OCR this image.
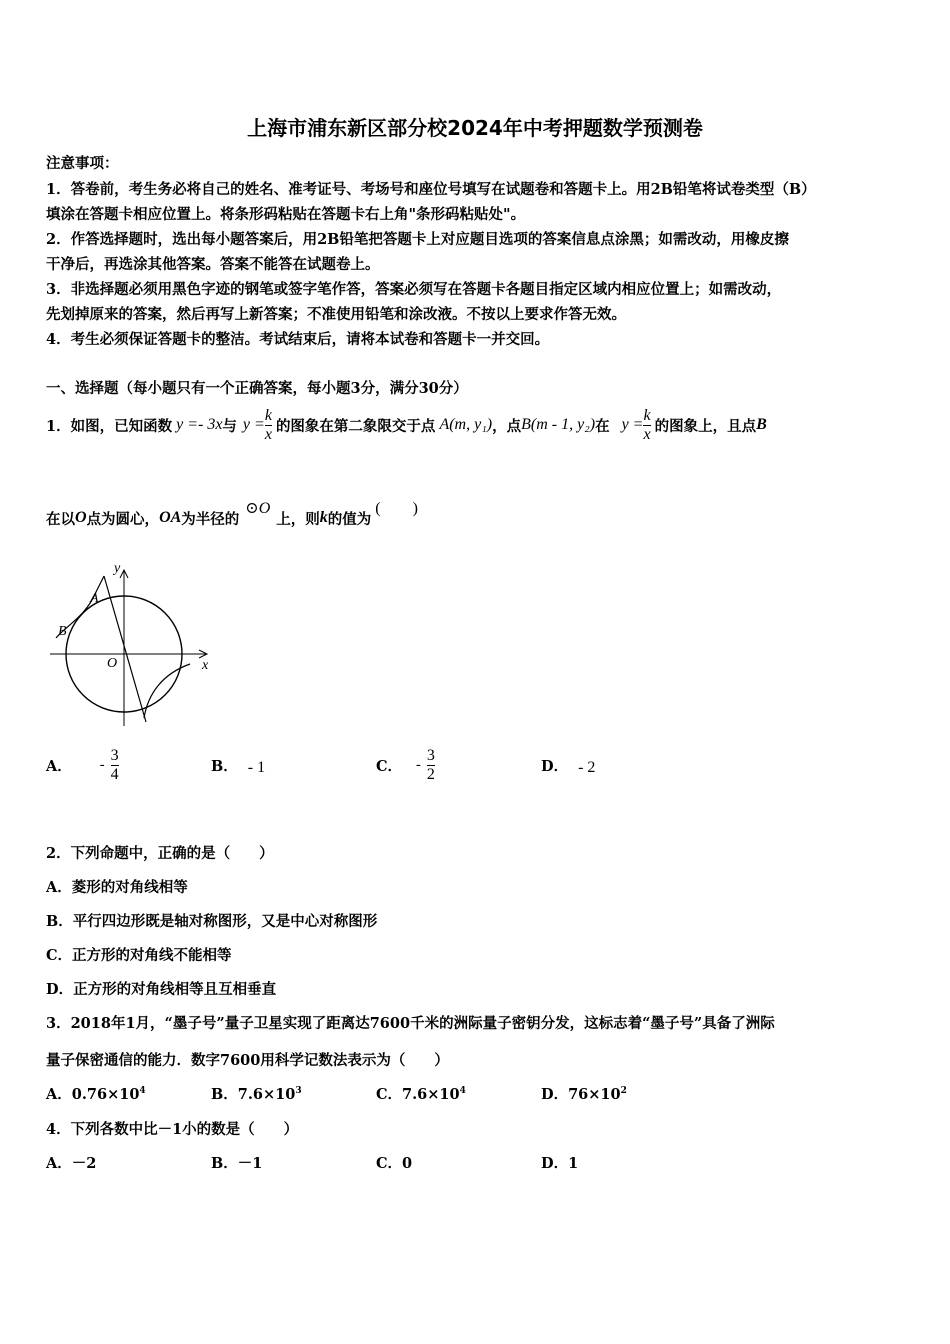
上海市浦东新区部分校2024年中考押题数学预测卷
注意事项：
1．答卷前，考生务必将自己的姓名、准考证号、考场号和座位号填写在试题卷和答题卡上。用2B铅笔将试卷类型（B）
填涂在答题卡相应位置上。将条形码粘贴在答题卡右上角"条形码粘贴处"。
2．作答选择题时，选出每小题答案后，用2B铅笔把答题卡上对应题目选项的答案信息点涂黑；如需改动，用橡皮擦
干净后，再选涂其他答案。答案不能答在试题卷上。
3．非选择题必须用黑色字迹的钢笔或签字笔作答，答案必须写在答题卡各题目指定区域内相应位置上；如需改动，
先划掉原来的答案，然后再写上新答案；不准使用铅笔和涂改液。不按以上要求作答无效。
4．考生必须保证答题卡的整洁。考试结束后，请将本试卷和答题卡一并交回。
一、选择题（每小题只有一个正确答案，每小题3分，满分30分）
1．如图，已知函数 y =- 3x 与 $y = \frac{k}{x}$ 的图象在第二象限交于点 A(m, y₁) ，点 B(m - 1, y₂) 在 $y = \frac{k}{x}$ 的图象上，且点 B
在以 O 点为圆心， OA 为半径的
⊙O
上，则 k 的值为
(　　)
y
x
O
A
B
A． - $\frac{3}{4}$	B． - 1	C． - $\frac{3}{2}$	D． - 2
2．下列命题中，正确的是（　　）
A．菱形的对角线相等
B．平行四边形既是轴对称图形，又是中心对称图形
C．正方形的对角线不能相等
D．正方形的对角线相等且互相垂直
3．2018年1月，“墨子号”量子卫星实现了距离达7600千米的洲际量子密钥分发，这标志着“墨子号”具备了洲际
量子保密通信的能力．数字7600用科学记数法表示为（　　）
A．$0.76\times 10^4$	B．$7.6\times 10^3$	C．$7.6\times 10^4$	D．$76\times 10^2$
4．下列各数中比－1小的数是（　　）
A．－2	B．－1	C．0	D．1
